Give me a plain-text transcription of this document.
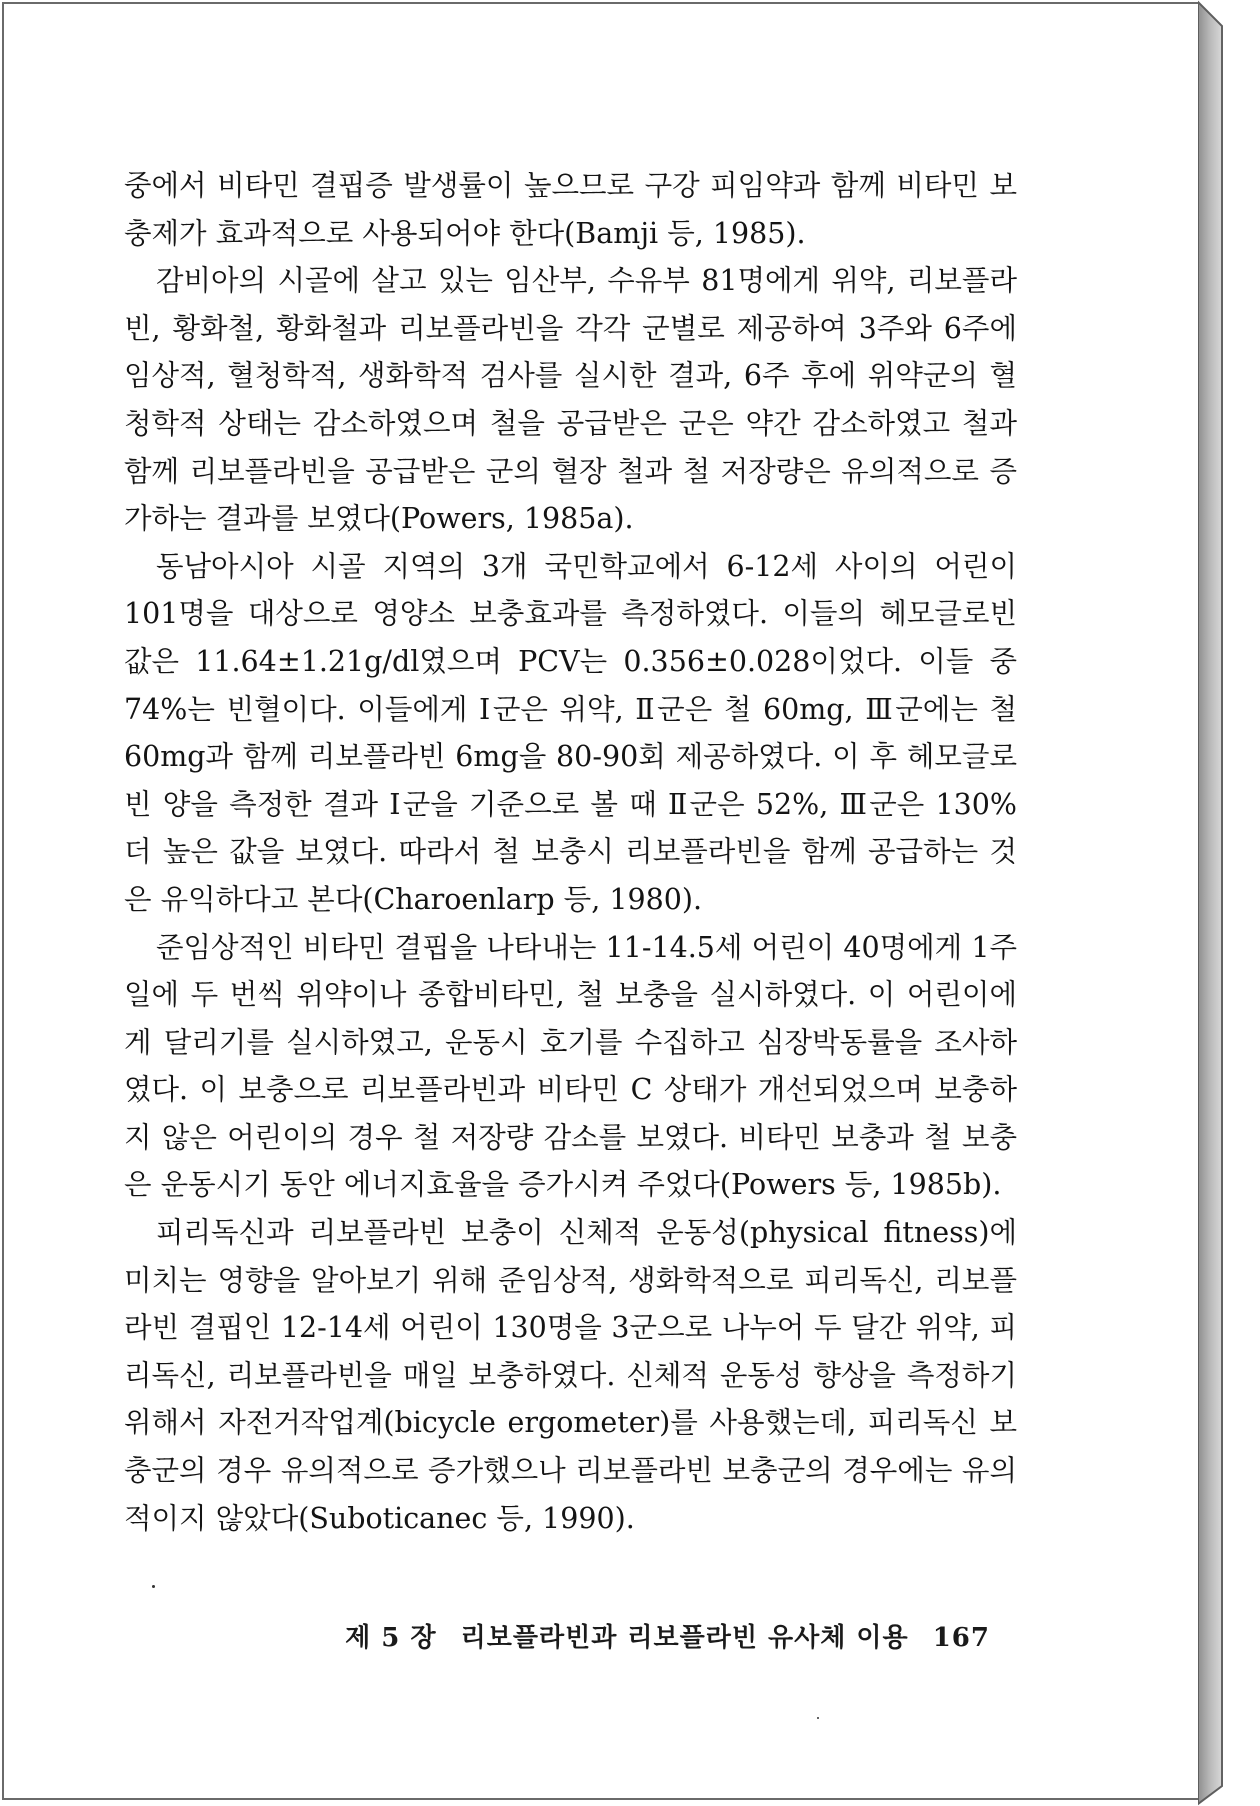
중에서 비타민 결핍증 발생률이 높으므로 구강 피임약과 함께 비타민 보충제가 효과적으로 사용되어야 한다(Bamji 등, 1985).

감비아의 시골에 살고 있는 임산부, 수유부 81명에게 위약, 리보플라빈, 황화철, 황화철과 리보플라빈을 각각 군별로 제공하여 3주와 6주에 임상적, 혈청학적, 생화학적 검사를 실시한 결과, 6주 후에 위약군의 혈청학적 상태는 감소하였으며 철을 공급받은 군은 약간 감소하였고 철과 함께 리보플라빈을 공급받은 군의 혈장 철과 철 저장량은 유의적으로 증가하는 결과를 보였다(Powers, 1985a).

동남아시아 시골 지역의 3개 국민학교에서 6-12세 사이의 어린이 101명을 대상으로 영양소 보충효과를 측정하였다. 이들의 헤모글로빈 값은 11.64±1.21g/dl였으며 PCV는 0.356±0.028이었다. 이들 중 74%는 빈혈이다. 이들에게 Ⅰ군은 위약, Ⅱ군은 철 60mg, Ⅲ군에는 철 60mg과 함께 리보플라빈 6mg을 80-90회 제공하였다. 이 후 헤모글로빈 양을 측정한 결과 Ⅰ군을 기준으로 볼 때 Ⅱ군은 52%, Ⅲ군은 130% 더 높은 값을 보였다. 따라서 철 보충시 리보플라빈을 함께 공급하는 것은 유익하다고 본다(Charoenlarp 등, 1980).

준임상적인 비타민 결핍을 나타내는 11-14.5세 어린이 40명에게 1주일에 두 번씩 위약이나 종합비타민, 철 보충을 실시하였다. 이 어린이에게 달리기를 실시하였고, 운동시 호기를 수집하고 심장박동률을 조사하였다. 이 보충으로 리보플라빈과 비타민 C 상태가 개선되었으며 보충하지 않은 어린이의 경우 철 저장량 감소를 보였다. 비타민 보충과 철 보충은 운동시기 동안 에너지효율을 증가시켜 주었다(Powers 등, 1985b).

피리독신과 리보플라빈 보충이 신체적 운동성(physical fitness)에 미치는 영향을 알아보기 위해 준임상적, 생화학적으로 피리독신, 리보플라빈 결핍인 12-14세 어린이 130명을 3군으로 나누어 두 달간 위약, 피리독신, 리보플라빈을 매일 보충하였다. 신체적 운동성 향상을 측정하기 위해서 자전거작업계(bicycle ergometer)를 사용했는데, 피리독신 보충군의 경우 유의적으로 증가했으나 리보플라빈 보충군의 경우에는 유의적이지 않았다(Suboticanec 등, 1990).

제 5 장 리보플라빈과 리보플라빈 유사체 이용 167
